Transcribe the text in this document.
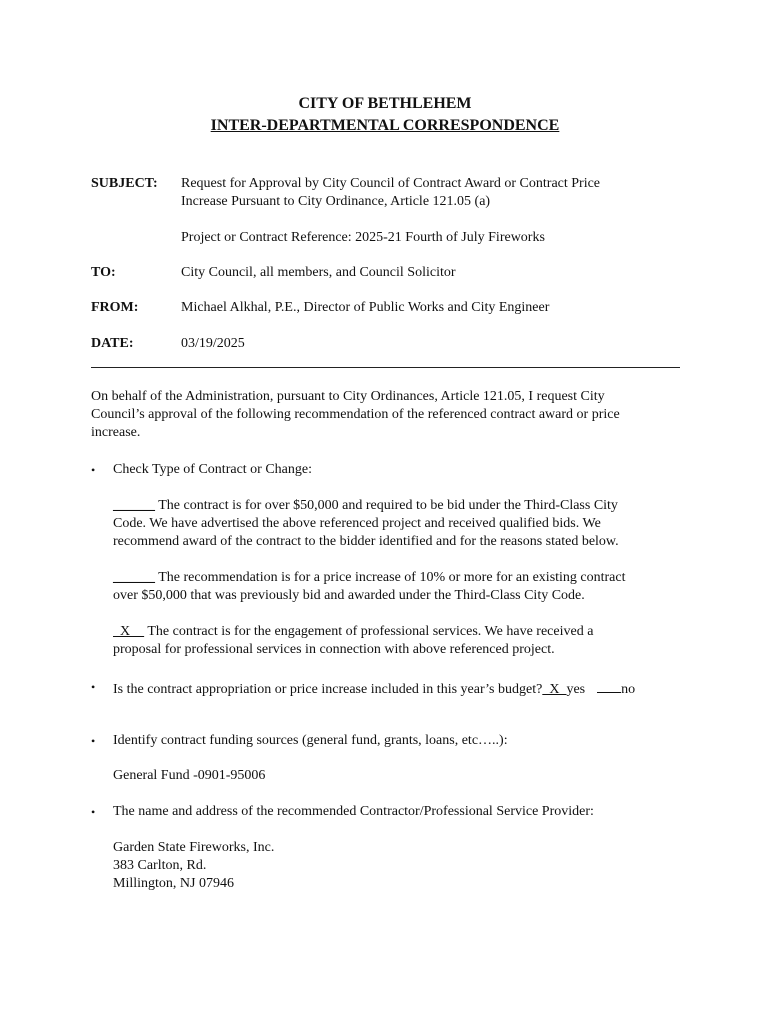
CITY OF BETHLEHEM
INTER-DEPARTMENTAL CORRESPONDENCE
SUBJECT: Request for Approval by City Council of Contract Award or Contract Price
Increase Pursuant to City Ordinance, Article 121.05 (a)
Project or Contract Reference: 2025-21 Fourth of July Fireworks
TO:	City Council, all members, and Council Solicitor
FROM:	Michael Alkhal, P.E., Director of Public Works and City Engineer
DATE:	03/19/2025
On behalf of the Administration, pursuant to City Ordinances, Article 121.05, I request City
Council’s approval of the following recommendation of the referenced contract award or price
increase.
•	Check Type of Contract or Change:
______ The contract is for over $50,000 and required to be bid under the Third-Class City
Code. We have advertised the above referenced project and received qualified bids. We
recommend award of the contract to the bidder identified and for the reasons stated below.
______ The recommendation is for a price increase of 10% or more for an existing contract
over $50,000 that was previously bid and awarded under the Third-Class City Code.
X     The contract is for the engagement of professional services. We have received a
proposal for professional services in connection with above referenced project.
•	Is the contract appropriation or price increase included in this year’s budget?  X  yes	no
•	Identify contract funding sources (general fund, grants, loans, etc…..):
General Fund -0901-95006
•	The name and address of the recommended Contractor/Professional Service Provider:
Garden State Fireworks, Inc.
383 Carlton, Rd.
Millington, NJ 07946
